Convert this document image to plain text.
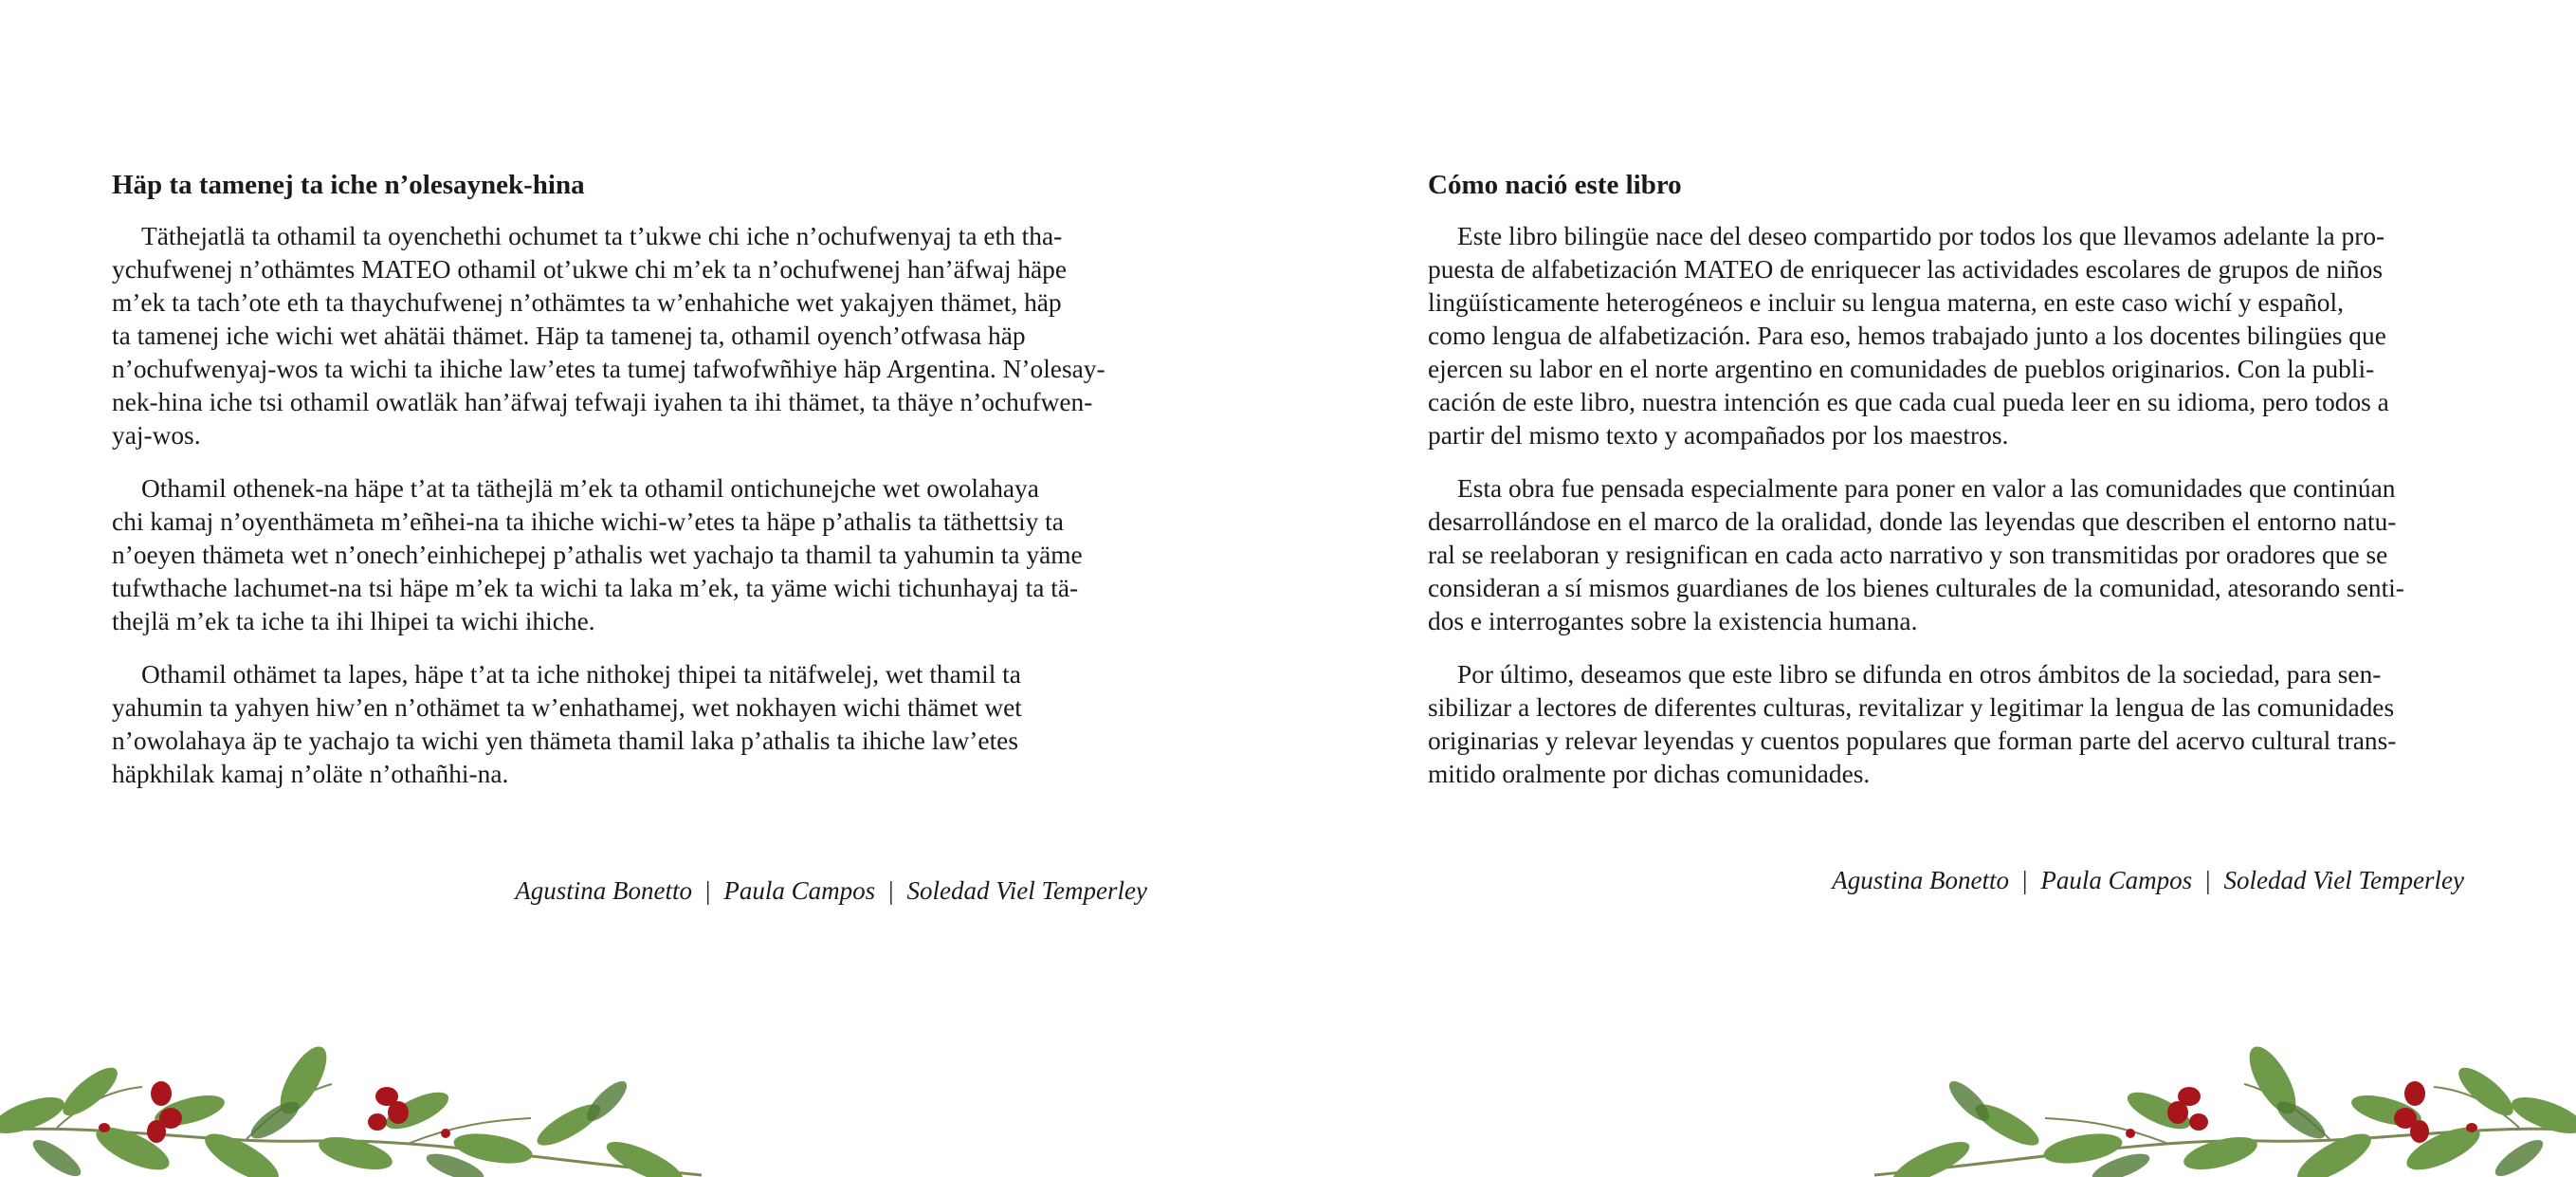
Häp ta tamenej ta iche n’olesaynek-hina

Täthejatlä ta othamil ta oyenchethi ochumet ta t’ukwe chi iche n’ochufwenyaj ta eth tha-
ychufwenej n’othämtes MATEO othamil ot’ukwe chi m’ek ta n’ochufwenej han’äfwaj häpe
m’ek ta tach’ote eth ta thaychufwenej n’othämtes ta w’enhahiche wet yakajyen thämet, häp
ta tamenej iche wichi wet ahätäi thämet. Häp ta tamenej ta, othamil oyench’otfwasa häp
n’ochufwenyaj-wos ta wichi ta ihiche law’etes ta tumej tafwofwñhiye häp Argentina. N’olesay-
nek-hina iche tsi othamil owatläk han’äfwaj tefwaji iyahen ta ihi thämet, ta thäye n’ochufwen-
yaj-wos.

Othamil othenek-na häpe t’at ta täthejlä m’ek ta othamil ontichunejche wet owolahaya
chi kamaj n’oyenthämeta m’eñhei-na ta ihiche wichi-w’etes ta häpe p’athalis ta täthettsiy ta
n’oeyen thämeta wet n’onech’einhichepej p’athalis wet yachajo ta thamil ta yahumin ta yäme
tufwthache lachumet-na tsi häpe m’ek ta wichi ta laka m’ek, ta yäme wichi tichunhayaj ta tä-
thejlä m’ek ta iche ta ihi lhipei ta wichi ihiche.

Othamil othämet ta lapes, häpe t’at ta iche nithokej thipei ta nitäfwelej, wet thamil ta
yahumin ta yahyen hiw’en n’othämet ta w’enhathamej, wet nokhayen wichi thämet wet
n’owolahaya äp te yachajo ta wichi yen thämeta thamil laka p’athalis ta ihiche law’etes
häpkhilak kamaj n’oläte n’othañhi-na.

Agustina Bonetto | Paula Campos | Soledad Viel Temperley
Cómo nació este libro

Este libro bilingüe nace del deseo compartido por todos los que llevamos adelante la pro-
puesta de alfabetización MATEO de enriquecer las actividades escolares de grupos de niños
lingüísticamente heterogéneos e incluir su lengua materna, en este caso wichí y español,
como lengua de alfabetización. Para eso, hemos trabajado junto a los docentes bilingües que
ejercen su labor en el norte argentino en comunidades de pueblos originarios. Con la publi-
cación de este libro, nuestra intención es que cada cual pueda leer en su idioma, pero todos a
partir del mismo texto y acompañados por los maestros.

Esta obra fue pensada especialmente para poner en valor a las comunidades que continúan
desarrollándose en el marco de la oralidad, donde las leyendas que describen el entorno natu-
ral se reelaboran y resignifican en cada acto narrativo y son transmitidas por oradores que se
consideran a sí mismos guardianes de los bienes culturales de la comunidad, atesorando senti-
dos e interrogantes sobre la existencia humana.

Por último, deseamos que este libro se difunda en otros ámbitos de la sociedad, para sen-
sibilizar a lectores de diferentes culturas, revitalizar y legitimar la lengua de las comunidades
originarias y relevar leyendas y cuentos populares que forman parte del acervo cultural trans-
mitido oralmente por dichas comunidades.

Agustina Bonetto | Paula Campos | Soledad Viel Temperley
